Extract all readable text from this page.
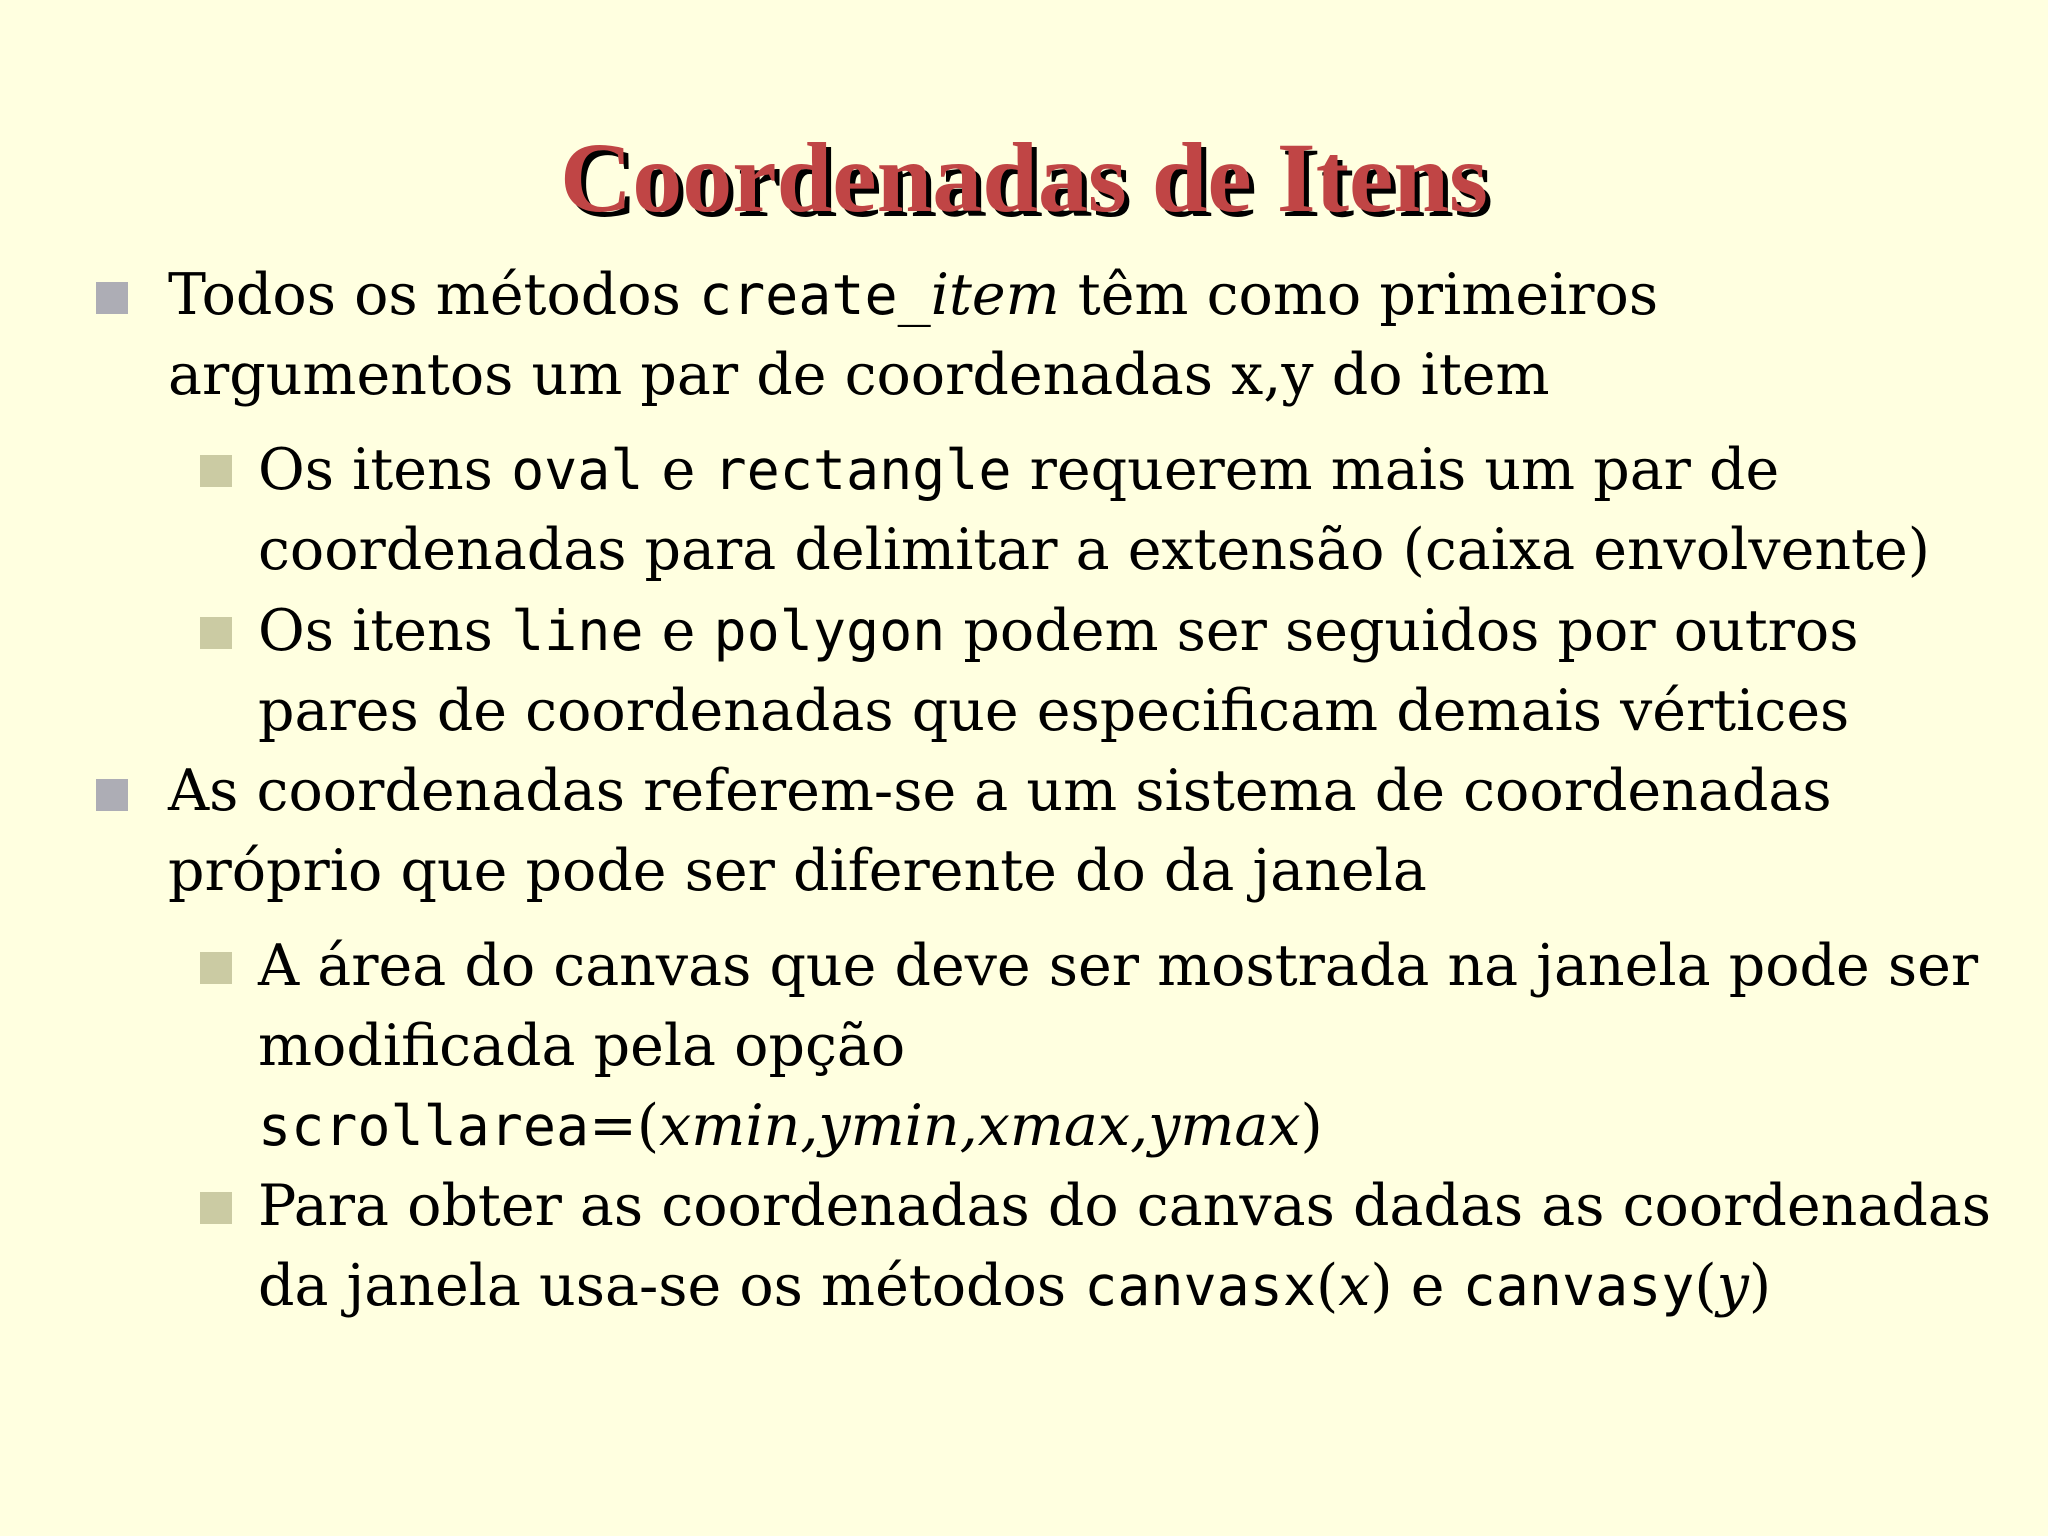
Coordenadas de Itens
Todos os métodos create_item têm como primeiros
argumentos um par de coordenadas x,y do item
Os itens oval e rectangle requerem mais um par de
coordenadas para delimitar a extensão (caixa envolvente)
Os itens line e polygon podem ser seguidos por outros
pares de coordenadas que especificam demais vértices
As coordenadas referem-se a um sistema de coordenadas
próprio que pode ser diferente do da janela
A área do canvas que deve ser mostrada na janela pode ser
modificada pela opção
scrollarea=(xmin,ymin,xmax,ymax)
Para obter as coordenadas do canvas dadas as coordenadas
da janela usa-se os métodos canvasx(x) e canvasy(y)
